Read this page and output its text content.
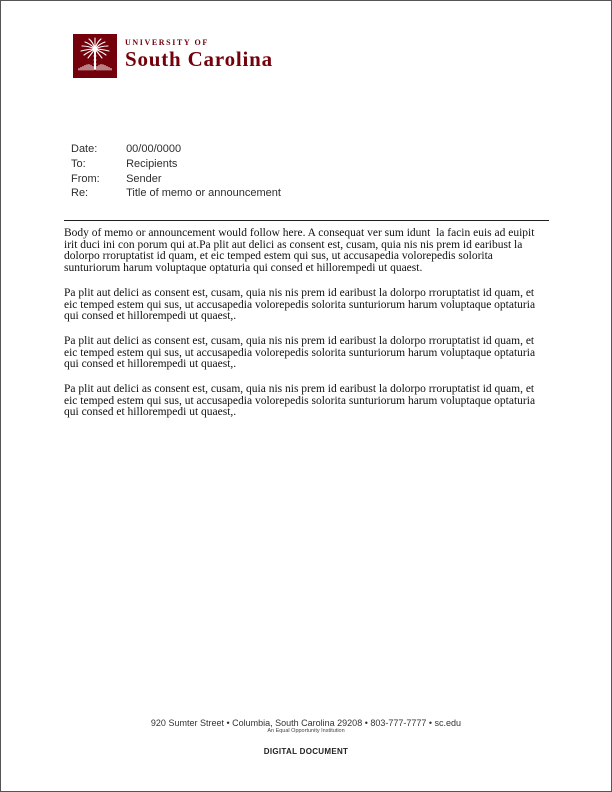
UNIVERSITY OF
South Carolina
Date:	00/00/0000
To:	Recipients
From: Sender
Re:	Title of memo or announcement

Body of memo or announcement would follow here. A consequat ver sum idunt  la facin euis ad euipit irit duci ini con porum qui at.Pa plit aut delici as consent est, cusam, quia nis nis prem id earibust la dolorpo rroruptatist id quam, et eic temped estem qui sus, ut accusapedia volorepedis solorita sunturiorum harum voluptaque optaturia qui consed et hillorempedi ut quaest.

Pa plit aut delici as consent est, cusam, quia nis nis prem id earibust la dolorpo rroruptatist id quam, et eic temped estem qui sus, ut accusapedia volorepedis solorita sunturiorum harum voluptaque optaturia qui consed et hillorempedi ut quaest,.

Pa plit aut delici as consent est, cusam, quia nis nis prem id earibust la dolorpo rroruptatist id quam, et eic temped estem qui sus, ut accusapedia volorepedis solorita sunturiorum harum voluptaque optaturia qui consed et hillorempedi ut quaest,.

Pa plit aut delici as consent est, cusam, quia nis nis prem id earibust la dolorpo rroruptatist id quam, et eic temped estem qui sus, ut accusapedia volorepedis solorita sunturiorum harum voluptaque optaturia qui consed et hillorempedi ut quaest,.

920 Sumter Street • Columbia, South Carolina 29208 • 803-777-7777 • sc.edu
An Equal Opportunity Institution
DIGITAL DOCUMENT
